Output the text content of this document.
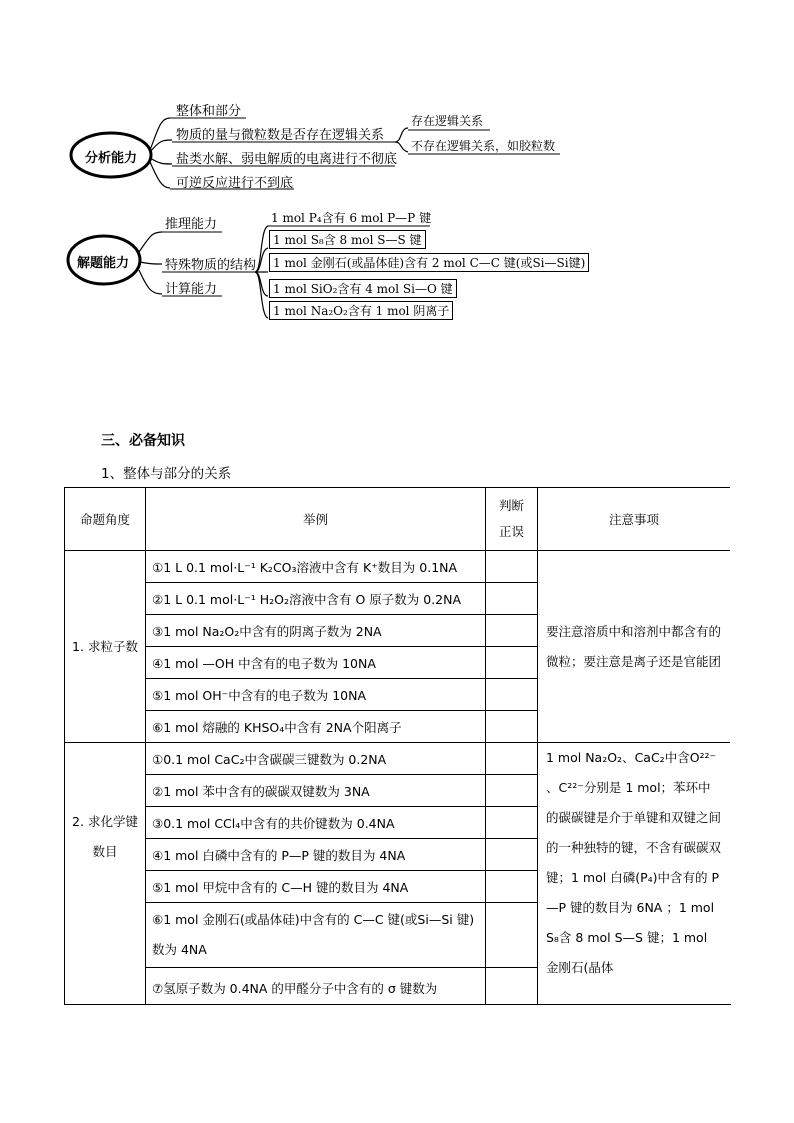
分析能力
整体和部分
物质的量与微粒数是否存在逻辑关系
盐类水解、弱电解质的电离进行不彻底
可逆反应进行不到底
存在逻辑关系
不存在逻辑关系，如胶粒数
解题能力
推理能力
特殊物质的结构
计算能力
1 mol P₄含有 6 mol P—P 键
1 mol S₈含 8 mol S—S 键
1 mol 金刚石(或晶体硅)含有 2 mol C—C 键(或Si—Si键)
1 mol SiO₂含有 4 mol Si—O 键
1 mol Na₂O₂含有 1 mol 阴离子
三、必备知识
1、整体与部分的关系
命题角度	举例	判断正误	注意事项
1. 求粒子数	①1 L 0.1 mol·L⁻¹ K₂CO₃溶液中含有 K⁺数目为 0.1NA		要注意溶质中和溶剂中都含有的微粒；要注意是离子还是官能团
	②1 L 0.1 mol·L⁻¹ H₂O₂溶液中含有 O 原子数为 0.2NA		
	③1 mol Na₂O₂中含有的阴离子数为 2NA		
	④1 mol —OH 中含有的电子数为 10NA		
	⑤1 mol OH⁻中含有的电子数为 10NA		
	⑥1 mol 熔融的 KHSO₄中含有 2NA个阳离子		
2. 求化学键数目	①0.1 mol CaC₂中含碳碳三键数为 0.2NA		1 mol Na₂O₂、CaC₂中含O²²⁻ 、C²²⁻分别是 1 mol；苯环中的碳碳键是介于单键和双键之间的一种独特的键，不含有碳碳双键；1 mol 白磷(P₄)中含有的 P—P 键的数目为 6NA ；1 mol S₈含 8 mol S—S 键；1 mol 金刚石(晶体
	②1 mol 苯中含有的碳碳双键数为 3NA		
	③0.1 mol CCl₄中含有的共价键数为 0.4NA		
	④1 mol 白磷中含有的 P—P 键的数目为 4NA		
	⑤1 mol 甲烷中含有的 C—H 键的数目为 4NA		
	⑥1 mol 金刚石(或晶体硅)中含有的 C—C 键(或Si—Si 键)数为 4NA		
	⑦氢原子数为 0.4NA 的甲醛分子中含有的 σ 键数为		
